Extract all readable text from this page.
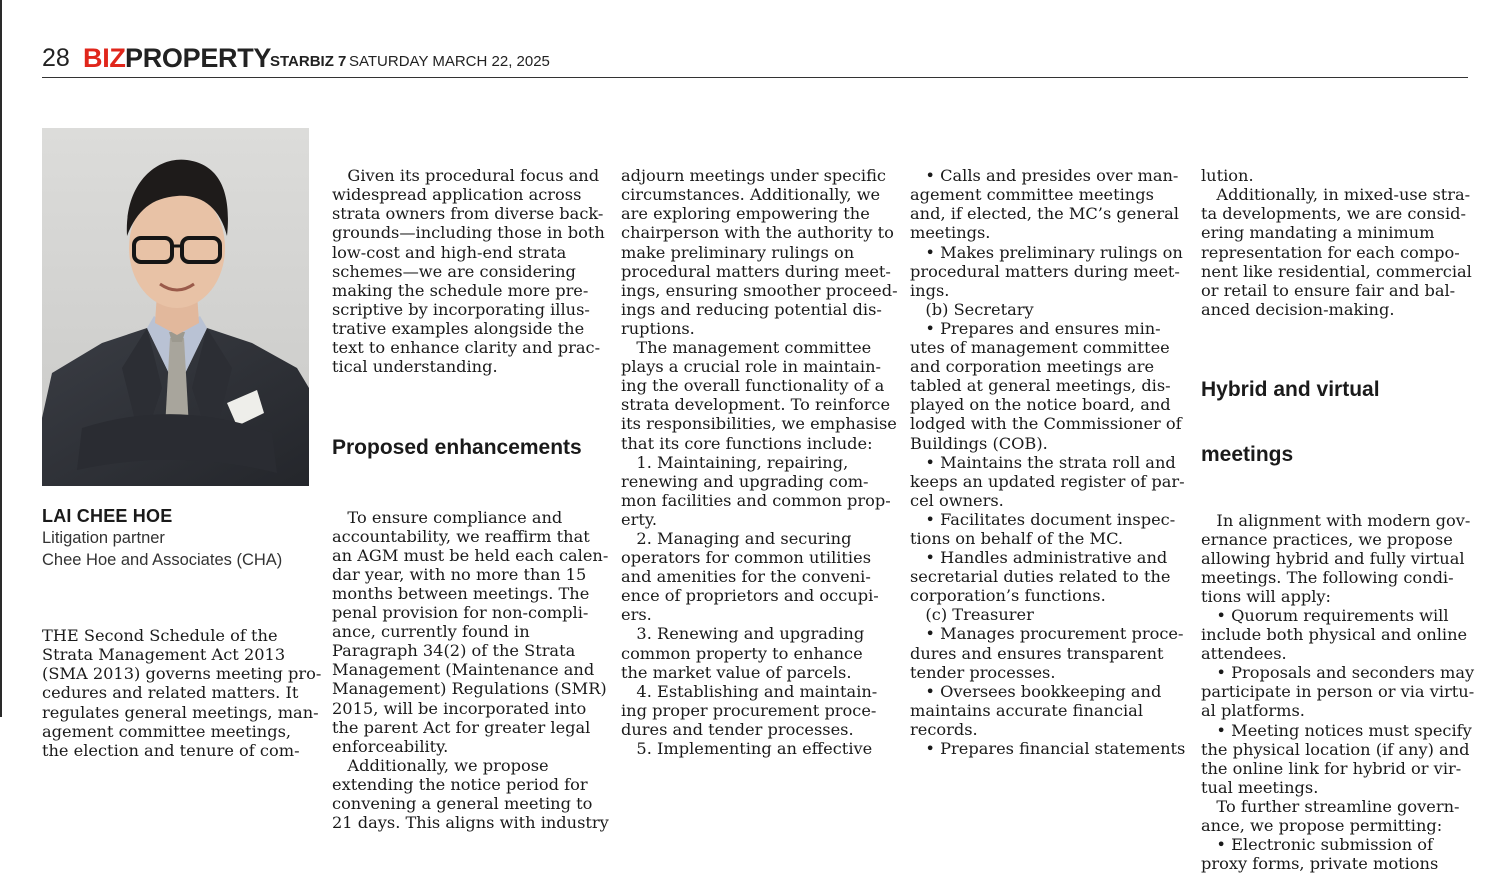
28 BIZ PROPERTY
STARBIZ 7 SATURDAY MARCH 22, 2025
LAI CHEE HOE
Litigation partner
Chee Hoe and Associates (CHA)

THE Second Schedule of the
Strata Management Act 2013
(SMA 2013) governs meeting pro-
cedures and related matters. It
regulates general meetings, man-
agement committee meetings,
the election and tenure of com-

Given its procedural focus and
widespread application across
strata owners from diverse back-
grounds—including those in both
low-cost and high-end strata
schemes—we are considering
making the schedule more pre-
scriptive by incorporating illus-
trative examples alongside the
text to enhance clarity and prac-
tical understanding.

Proposed enhancements

To ensure compliance and
accountability, we reaffirm that
an AGM must be held each calen-
dar year, with no more than 15
months between meetings. The
penal provision for non-compli-
ance, currently found in
Paragraph 34(2) of the Strata
Management (Maintenance and
Management) Regulations (SMR)
2015, will be incorporated into
the parent Act for greater legal
enforceability.
Additionally, we propose
extending the notice period for
convening a general meeting to
21 days. This aligns with industry

adjourn meetings under specific
circumstances. Additionally, we
are exploring empowering the
chairperson with the authority to
make preliminary rulings on
procedural matters during meet-
ings, ensuring smoother proceed-
ings and reducing potential dis-
ruptions.
The management committee
plays a crucial role in maintain-
ing the overall functionality of a
strata development. To reinforce
its responsibilities, we emphasise
that its core functions include:
1. Maintaining, repairing,
renewing and upgrading com-
mon facilities and common prop-
erty.
2. Managing and securing
operators for common utilities
and amenities for the conveni-
ence of proprietors and occupi-
ers.
3. Renewing and upgrading
common property to enhance
the market value of parcels.
4. Establishing and maintain-
ing proper procurement proce-
dures and tender processes.
5. Implementing an effective

• Calls and presides over man-
agement committee meetings
and, if elected, the MC’s general
meetings.
• Makes preliminary rulings on
procedural matters during meet-
ings.
(b) Secretary
• Prepares and ensures min-
utes of management committee
and corporation meetings are
tabled at general meetings, dis-
played on the notice board, and
lodged with the Commissioner of
Buildings (COB).
• Maintains the strata roll and
keeps an updated register of par-
cel owners.
• Facilitates document inspec-
tions on behalf of the MC.
• Handles administrative and
secretarial duties related to the
corporation’s functions.
(c) Treasurer
• Manages procurement proce-
dures and ensures transparent
tender processes.
• Oversees bookkeeping and
maintains accurate financial
records.
• Prepares financial statements

lution.
Additionally, in mixed-use stra-
ta developments, we are consid-
ering mandating a minimum
representation for each compo-
nent like residential, commercial
or retail to ensure fair and bal-
anced decision-making.

Hybrid and virtual

meetings

In alignment with modern gov-
ernance practices, we propose
allowing hybrid and fully virtual
meetings. The following condi-
tions will apply:
• Quorum requirements will
include both physical and online
attendees.
• Proposals and seconders may
participate in person or via virtu-
al platforms.
• Meeting notices must specify
the physical location (if any) and
the online link for hybrid or vir-
tual meetings.
To further streamline govern-
ance, we propose permitting:
• Electronic submission of
proxy forms, private motions
